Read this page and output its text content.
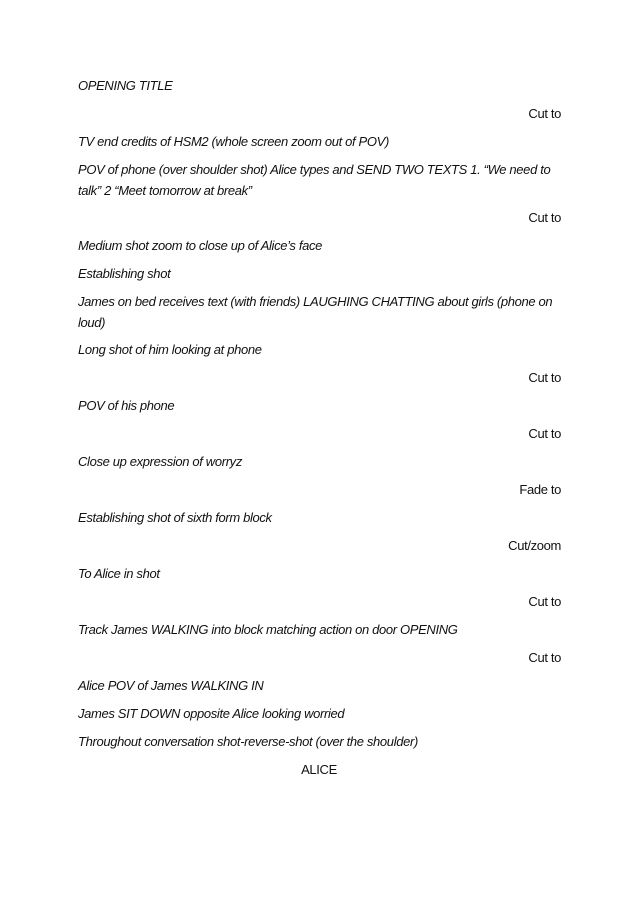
OPENING TITLE
Cut to
TV end credits of HSM2 (whole screen zoom out of POV)
POV of phone (over shoulder shot) Alice types and SEND TWO TEXTS 1. “We need to talk” 2 “Meet tomorrow at break”
Cut to
Medium shot zoom to close up of Alice’s face
Establishing shot
James on bed receives text (with friends) LAUGHING CHATTING about girls (phone on loud)
Long shot of him looking at phone
Cut to
POV of his phone
Cut to
Close up expression of worryz
Fade to
Establishing shot of sixth form block
Cut/zoom
To Alice in shot
Cut to
Track James WALKING into block matching action on door OPENING
Cut to
Alice POV of James WALKING IN
James SIT DOWN opposite Alice looking worried
Throughout conversation shot-reverse-shot (over the shoulder)
ALICE
